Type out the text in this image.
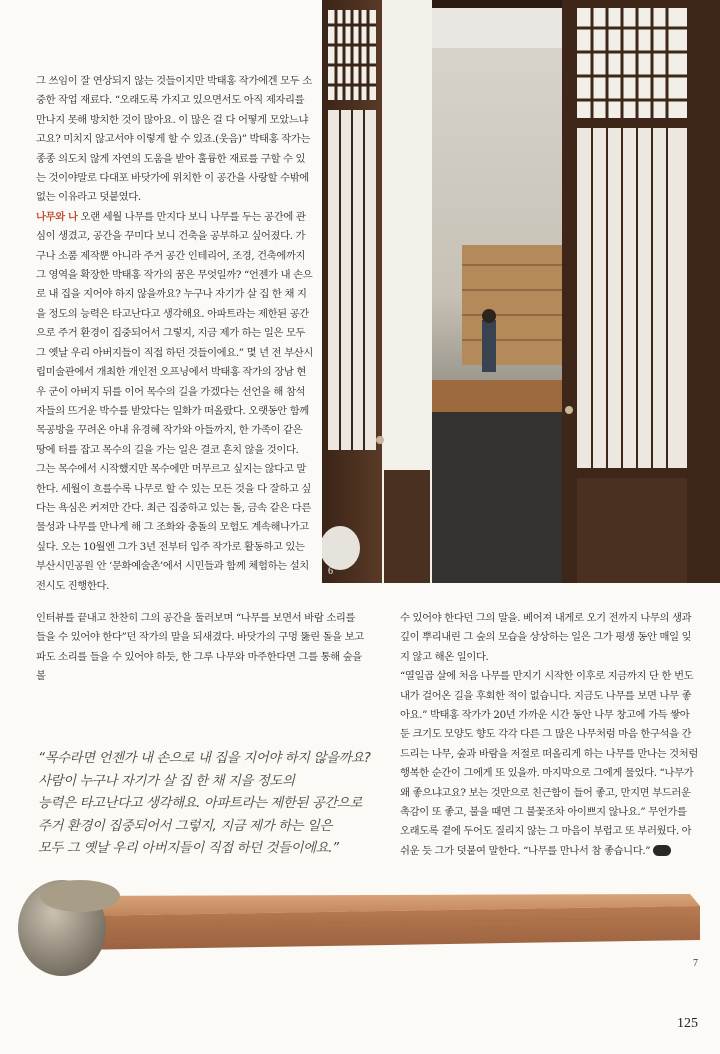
그 쓰임이 잘 연상되지 않는 것들이지만 박태홍 작가에겐 모두 소중한 작업 재료다. “오래도록 가지고 있으면서도 아직 제자리를 만나지 못해 방치한 것이 많아요. 이 많은 걸 다 어떻게 모았느냐고요? 미치지 않고서야 이렇게 할 수 있죠.(웃음)” 박태홍 작가는 종종 의도치 않게 자연의 도움을 받아 훌륭한 재료를 구할 수 있는 것이야말로 다대포 바닷가에 위치한 이 공간을 사랑할 수밖에 없는 이유라고 덧붙였다.

나무와 나 오랜 세월 나무를 만지다 보니 나무를 두는 공간에 관심이 생겼고, 공간을 꾸미다 보니 건축을 공부하고 싶어졌다. 가구나 소품 제작뿐 아니라 주거 공간 인테리어, 조경, 건축에까지 그 영역을 확장한 박태홍 작가의 꿈은 무엇일까? “언젠가 내 손으로 내 집을 지어야 하지 않을까요? 누구나 자기가 살 집 한 채 지을 정도의 능력은 타고난다고 생각해요. 아파트라는 제한된 공간으로 주거 환경이 집중되어서 그렇지, 지금 제가 하는 일은 모두 그 옛날 우리 아버지들이 직접 하던 것들이에요.” 몇 년 전 부산시립미술관에서 개최한 개인전 오프닝에서 박태홍 작가의 장남 현우 군이 아버지 뒤를 이어 목수의 길을 가겠다는 선언을 해 참석자들의 뜨거운 박수를 받았다는 일화가 떠올랐다. 오랫동안 함께 목공방을 꾸려온 아내 유경혜 작가와 아들까지, 한 가족이 같은 땅에 터를 잡고 목수의 길을 가는 일은 결코 흔치 않을 것이다.

그는 목수에서 시작했지만 목수에만 머무르고 싶지는 않다고 말한다. 세월이 흐를수록 나무로 할 수 있는 모든 것을 다 잘하고 싶다는 욕심은 커져만 간다. 최근 집중하고 있는 돌, 금속 같은 다른 물성과 나무를 만나게 해 그 조화와 충돌의 모험도 계속해나가고 싶다. 오는 10월엔 그가 3년 전부터 입주 작가로 활동하고 있는 부산시민공원 안 ‘문화예술촌’에서 시민들과 함께 체험하는 설치 전시도 진행한다.

6

인터뷰를 끝내고 찬찬히 그의 공간을 둘러보며 “나무를 보면서 바람 소리를 들을 수 있어야 한다”던 작가의 말을 되새겼다. 바닷가의 구멍 뚫린 돌을 보고 파도 소리를 들을 수 있어야 하듯, 한 그루 나무와 마주한다면 그를 통해 숲을 볼

수 있어야 한다던 그의 말을. 베어져 내게로 오기 전까지 나무의 생과 깊이 뿌리내린 그 숲의 모습을 상상하는 일은 그가 평생 동안 매일 잊지 않고 해온 일이다.

“열일곱 살에 처음 나무를 만지기 시작한 이후로 지금까지 단 한 번도 내가 걸어온 길을 후회한 적이 없습니다. 지금도 나무를 보면 나무 좋아요.” 박태홍 작가가 20년 가까운 시간 동안 나무 창고에 가득 쌓아둔 크기도 모양도 향도 각각 다른 그 많은 나무처럼 마음 한구석을 간드리는 나무, 숲과 바람을 저절로 떠올리게 하는 나무를 만나는 것처럼 행복한 순간이 그에게 또 있을까. 마지막으로 그에게 물었다. “나무가 왜 좋으냐고요? 보는 것만으로 친근함이 들어 좋고, 만지면 부드러운 촉감이 또 좋고, 불을 때면 그 불꽃조차 아이쁘지 않나요.” 무언가를 오래도록 곁에 두어도 질리지 않는 그 마음이 부럽고 또 부러웠다. 아쉬운 듯 그가 덧붙여 말한다. “나무를 만나서 참 좋습니다.”

“목수라면 언젠가 내 손으로 내 집을 지어야 하지 않을까요?

사람이 누구나 자기가 살 집 한 채 지을 정도의

능력은 타고난다고 생각해요. 아파트라는 제한된 공간으로

주거 환경이 집중되어서 그렇지, 지금 제가 하는 일은

모두 그 옛날 우리 아버지들이 직접 하던 것들이에요.”

7
125
